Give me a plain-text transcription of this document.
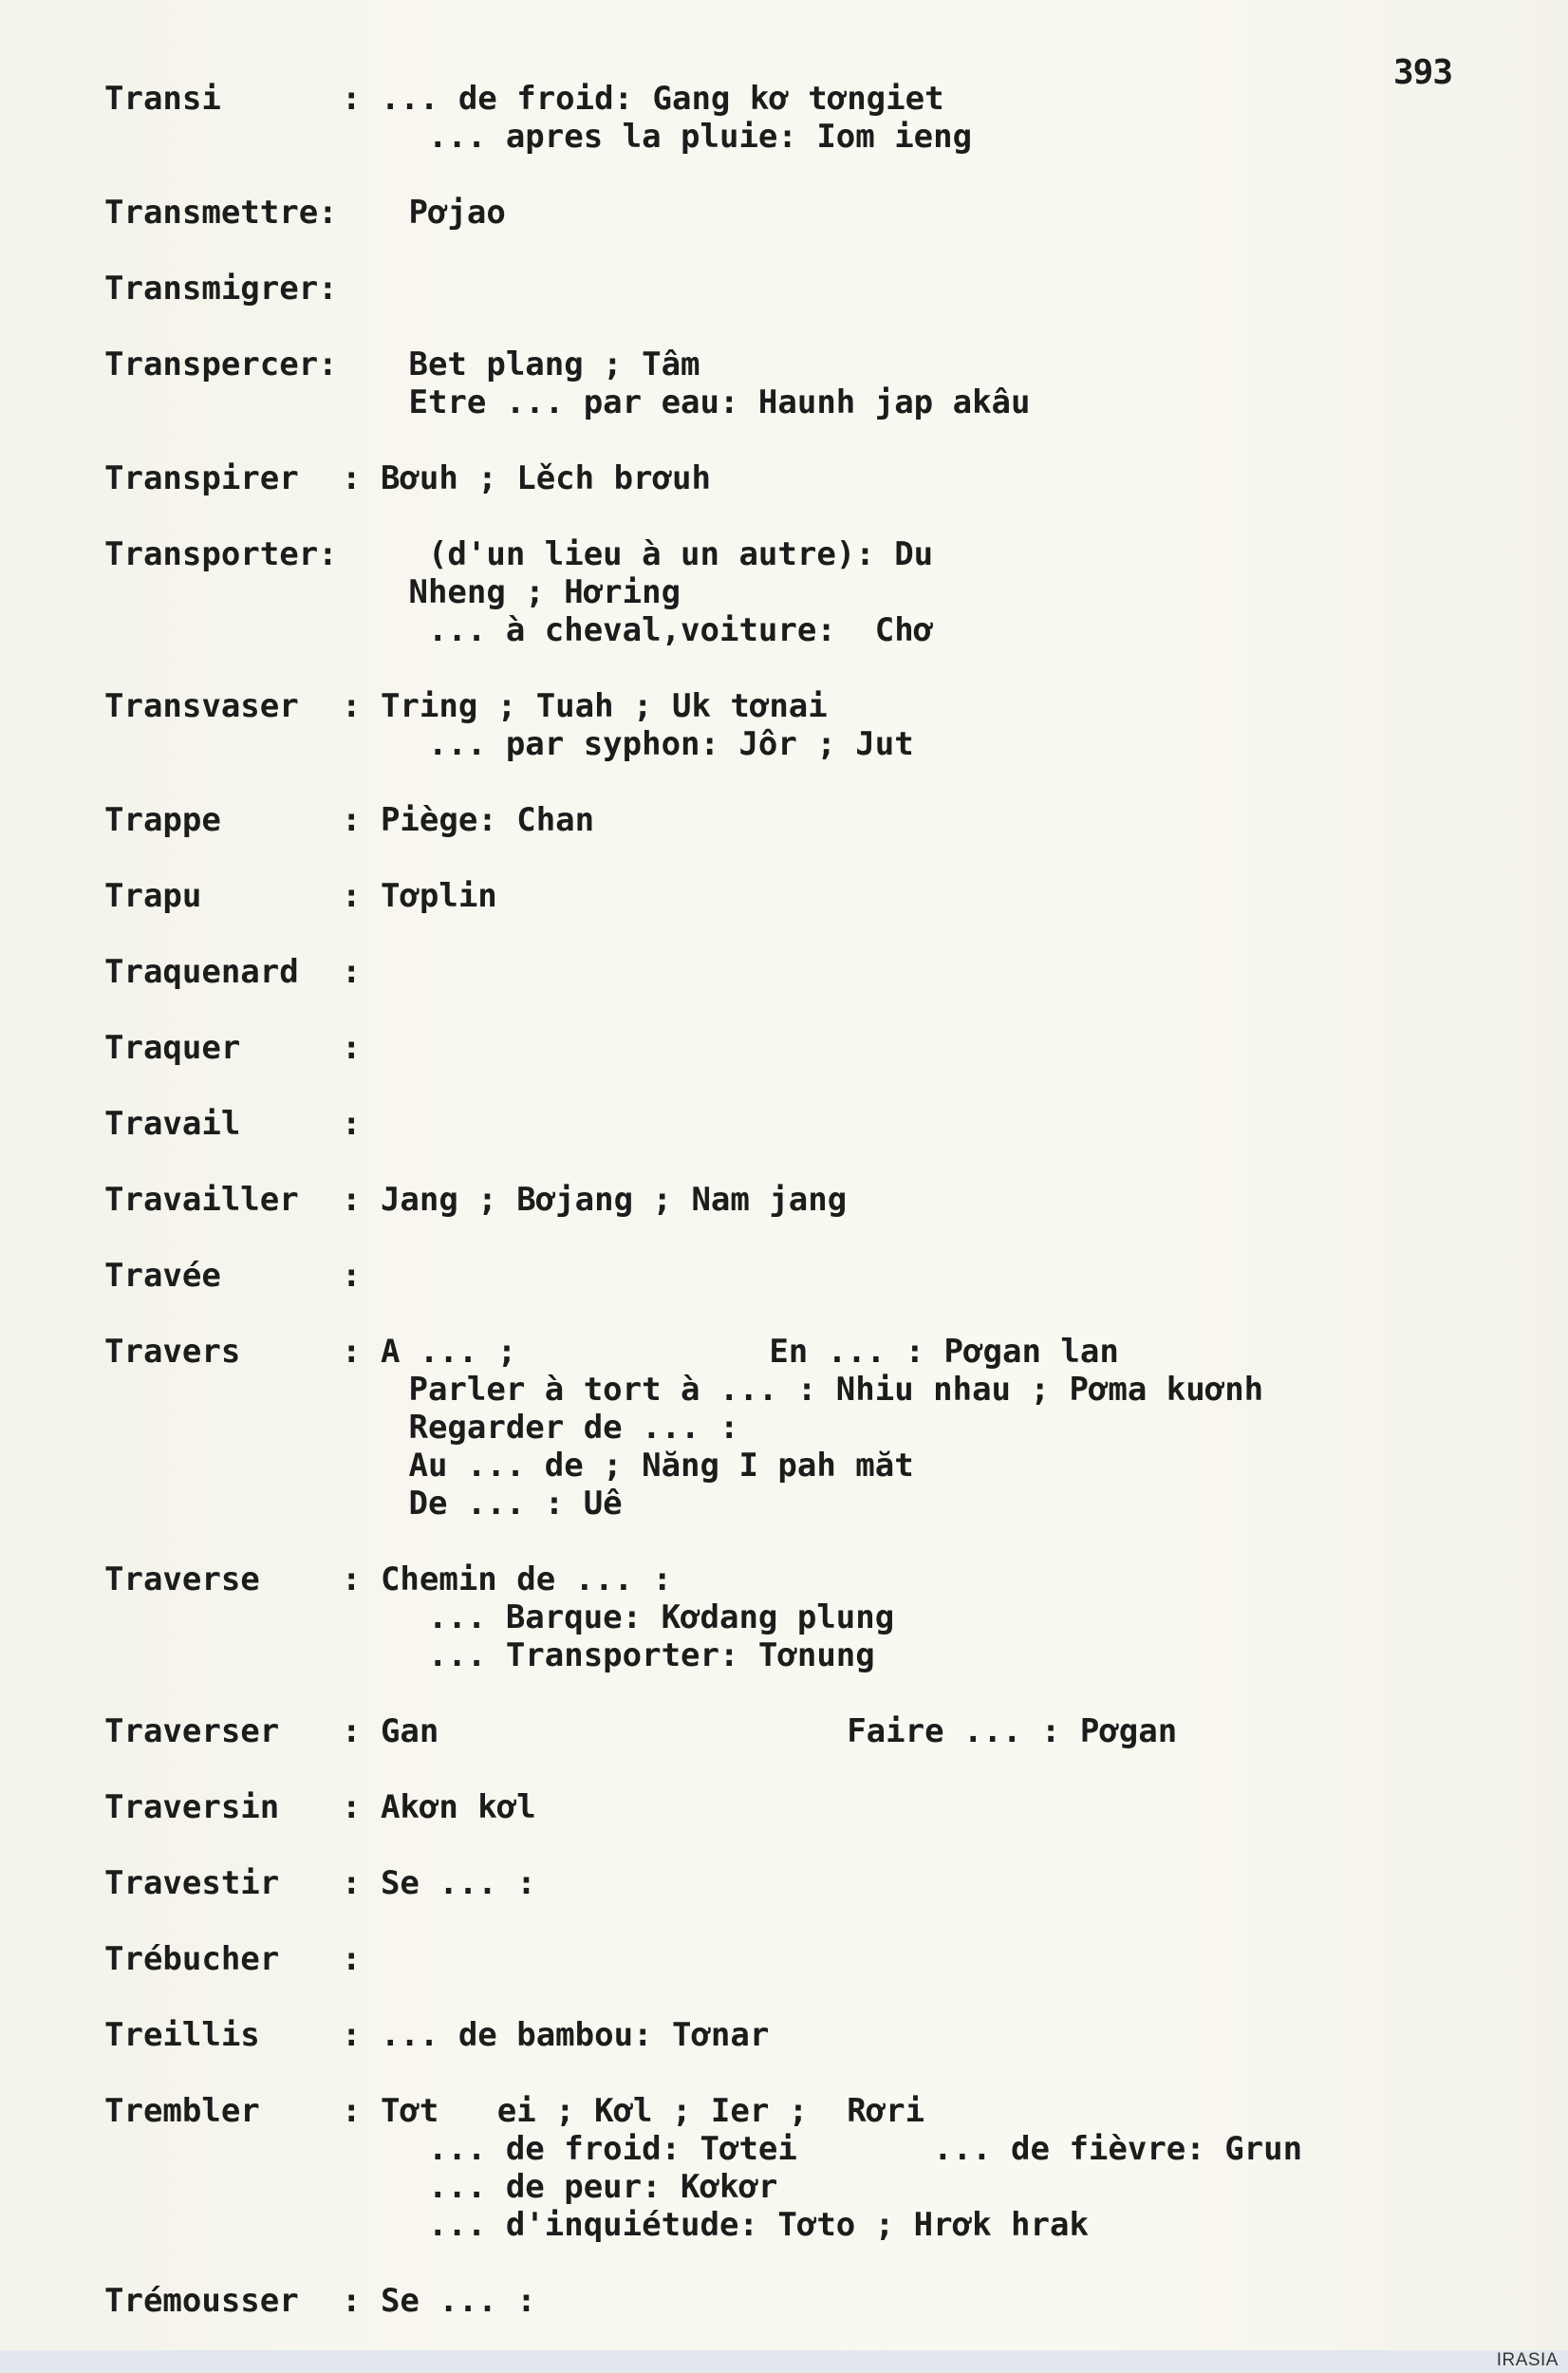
393
Transi	: ... de froid: Gang kơ tơngiet
... apres la pluie: Iom ieng
Transmettre: Pơjao
Transmigrer:

Transpercer: Bet plang ; Tâm
Etre ... par eau: Haunh jap akâu
Transpirer : Bơuh ; Lěch brơuh
Transporter: ￼(d'un lieu à un autre): Du
Nheng ; Hơring
... à cheval,voiture:  Chơ
Transvaser : Tring ; Tuah ; Uk tơnai
... par syphon: Jôr ; Jut
Trappe	: Piège: Chan
Trapu	: Tơplin
Traquenard :
Traquer	:
Travail	:
Travailler : Jang ; Bơjang ; Nam jang
Travée	:
Travers	: A ... ;             En ... : Pơgan lan
Parler à tort à ... : Nhiu nhau ; Pơma kuơnh
Regarder de ... :
Au ... de ; Năng I pah măt
De ... : Uê
Traverse	: Chemin de ... :
... Barque: Kơdang plung
... Transporter: Tơnung
Traverser : Gan                     Faire ... : Pơgan
Traversin : Akơn kơl
Travestir : Se ... :
Trébucher :
Treillis	: ... de bambou: Tơnar
Trembler	: Tơt ￼ ei ; Kơl ; Ier ;  Rơri
... de froid: Tơtei       ... de fièvre: Grun
... de peur: Kơkơr
... d'inquiétude: Tơto ; Hrơk hrak
Trémousser : Se ... :
IRASIA
